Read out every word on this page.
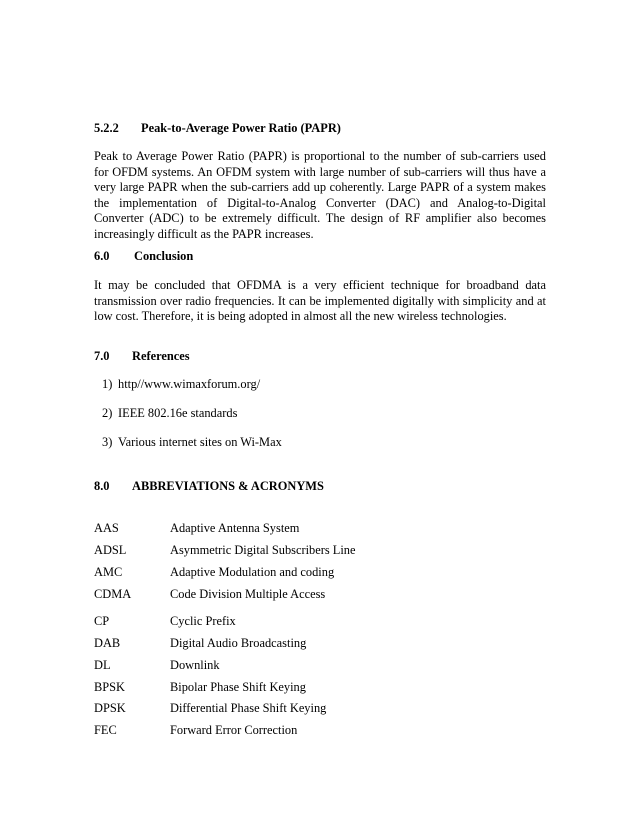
5.2.2 Peak-to-Average Power Ratio (PAPR)

Peak to Average Power Ratio (PAPR) is proportional to the number of sub-carriers used for OFDM systems. An OFDM system with large number of sub-carriers will thus have a very large PAPR when the sub-carriers add up coherently. Large PAPR of a system makes the implementation of Digital-to-Analog Converter (DAC) and Analog-to-Digital Converter (ADC) to be extremely difficult. The design of RF amplifier also becomes increasingly difficult as the PAPR increases.

6.0 Conclusion

It may be concluded that OFDMA is a very efficient technique for broadband data transmission over radio frequencies. It can be implemented digitally with simplicity and at low cost. Therefore, it is being adopted in almost all the new wireless technologies.

7.0 References
1) http//www.wimaxforum.org/
2) IEEE 802.16e standards
3) Various internet sites on Wi-Max
8.0 ABBREVIATIONS & ACRONYMS
AAS	Adaptive Antenna System
ADSL	Asymmetric Digital Subscribers Line
AMC	Adaptive Modulation and coding
CDMA	Code Division Multiple Access
CP	Cyclic Prefix
DAB	Digital Audio Broadcasting
DL	Downlink
BPSK	Bipolar Phase Shift Keying
DPSK	Differential Phase Shift Keying
FEC	Forward Error Correction
